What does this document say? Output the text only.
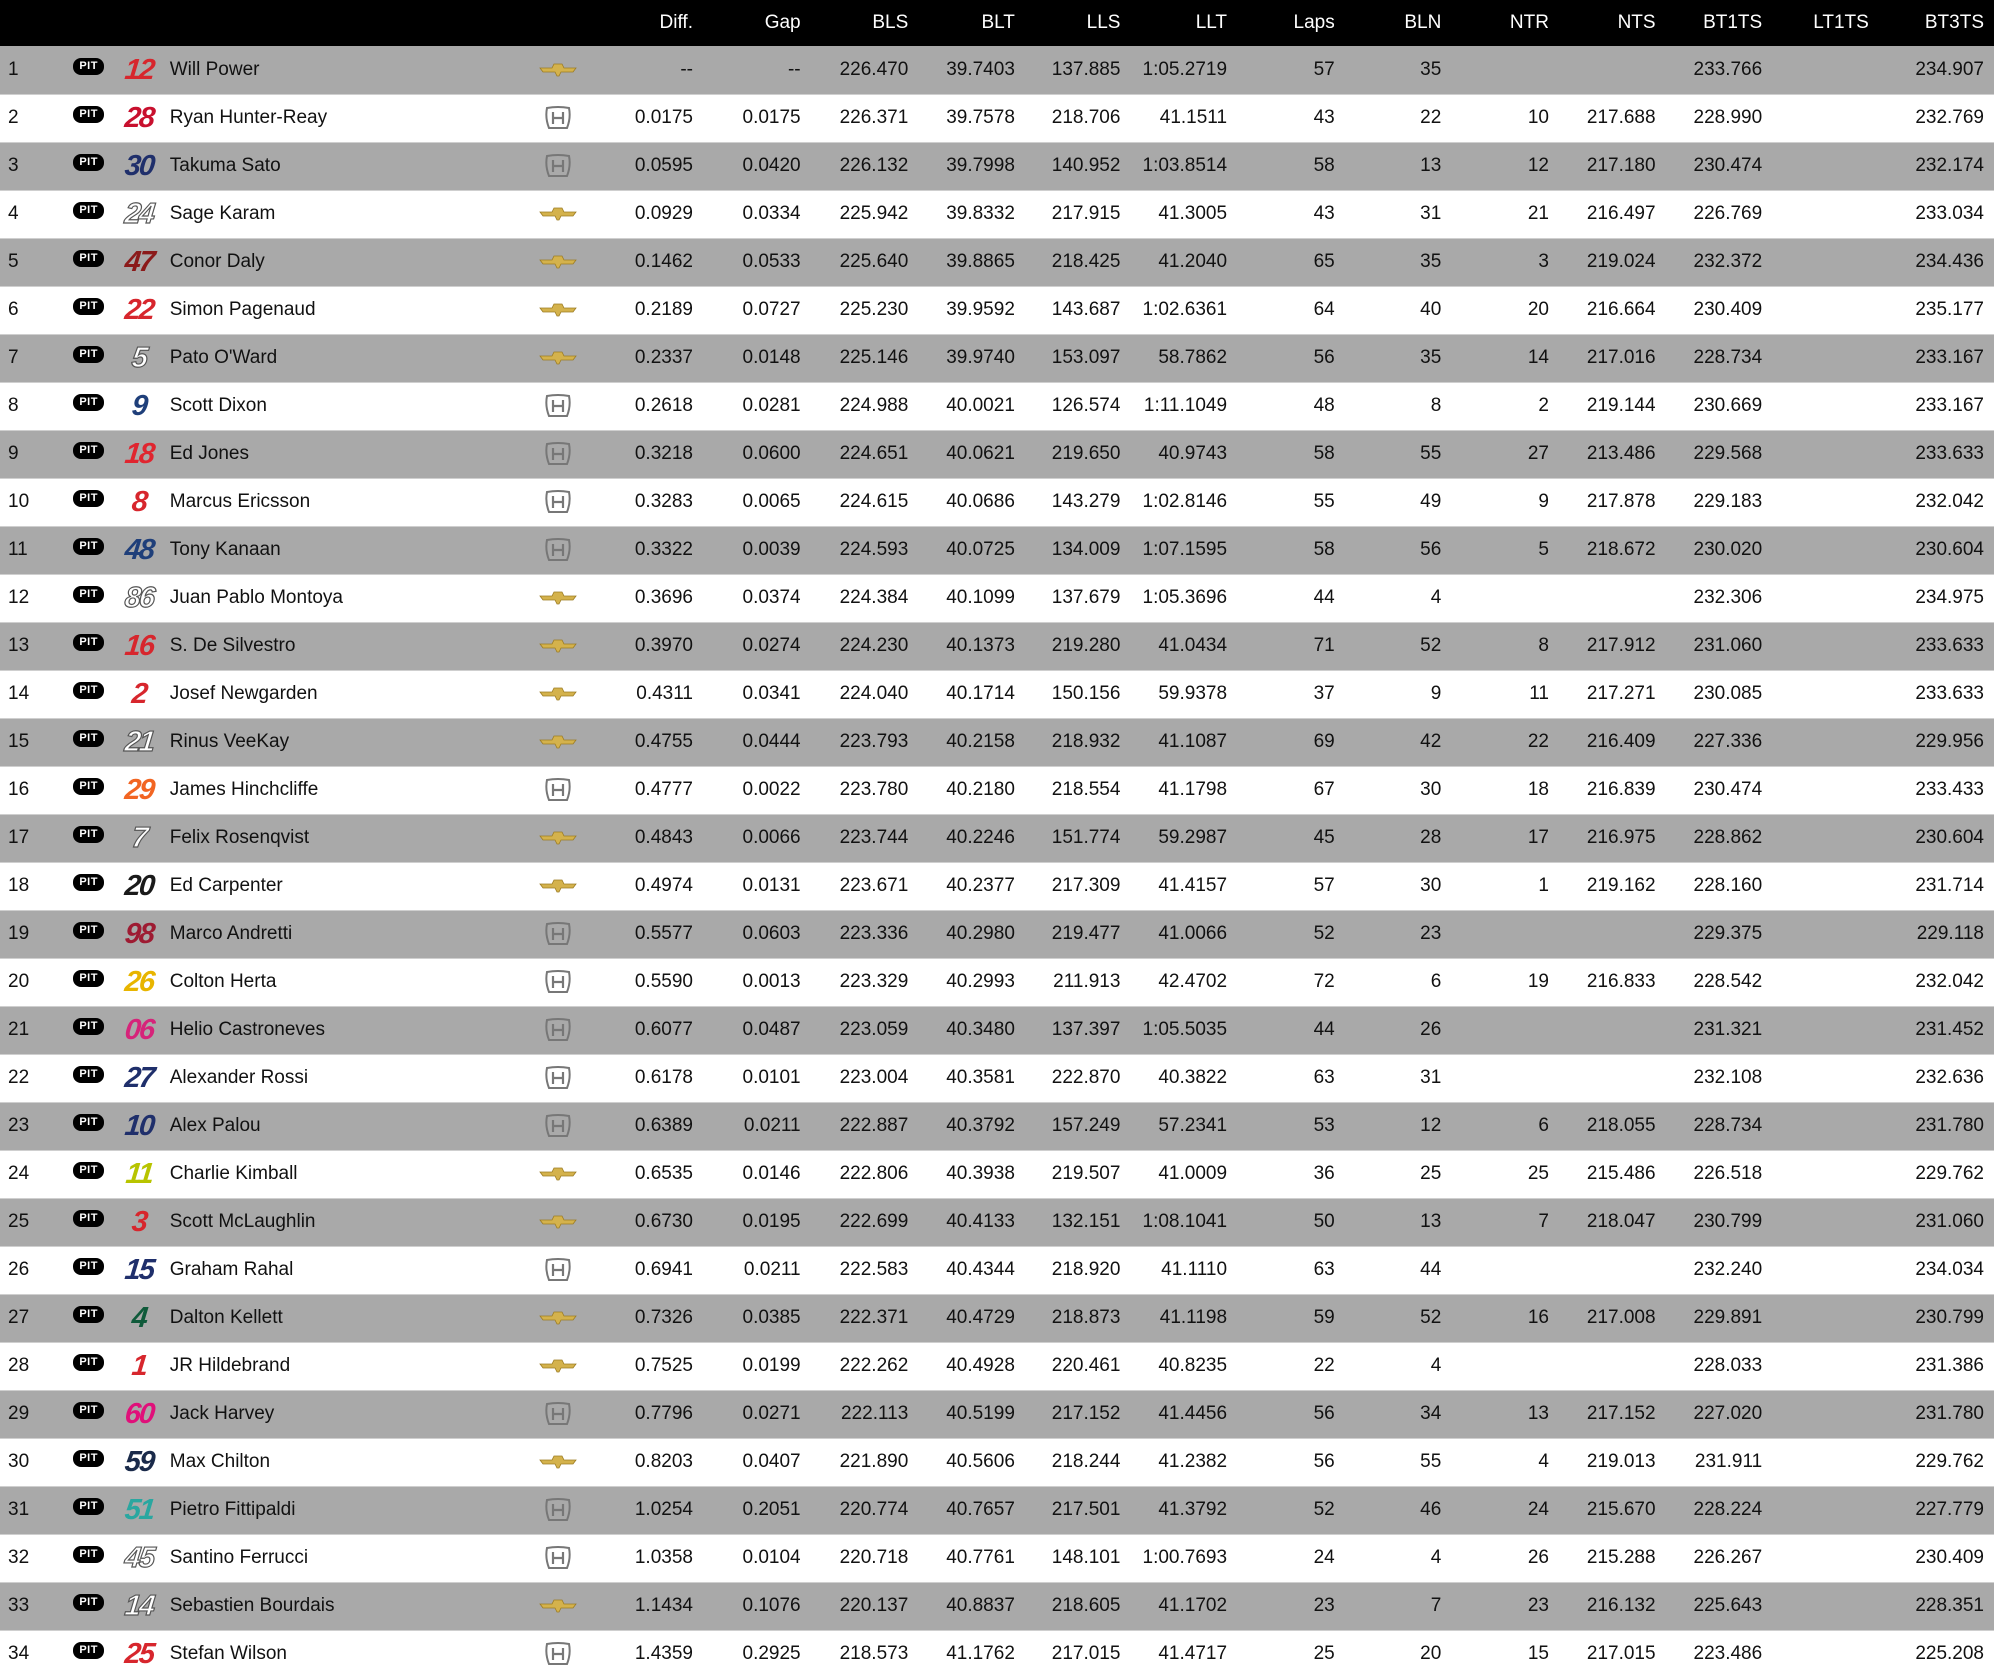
					Diff.	Gap	BLS	BLT	LLS	LLT	Laps	BLN	NTR	NTS	BT1TS	LT1TS	BT3TS
1	PIT	12	Will Power		--	--	226.470	39.7403	137.885	1:05.2719	57	35			233.766		234.907
2	PIT	28	Ryan Hunter-Reay		0.0175	0.0175	226.371	39.7578	218.706	41.1511	43	22	10	217.688	228.990		232.769
3	PIT	30	Takuma Sato		0.0595	0.0420	226.132	39.7998	140.952	1:03.8514	58	13	12	217.180	230.474		232.174
4	PIT	24	Sage Karam		0.0929	0.0334	225.942	39.8332	217.915	41.3005	43	31	21	216.497	226.769		233.034
5	PIT	47	Conor Daly		0.1462	0.0533	225.640	39.8865	218.425	41.2040	65	35	3	219.024	232.372		234.436
6	PIT	22	Simon Pagenaud		0.2189	0.0727	225.230	39.9592	143.687	1:02.6361	64	40	20	216.664	230.409		235.177
7	PIT	5	Pato O'Ward		0.2337	0.0148	225.146	39.9740	153.097	58.7862	56	35	14	217.016	228.734		233.167
8	PIT	9	Scott Dixon		0.2618	0.0281	224.988	40.0021	126.574	1:11.1049	48	8	2	219.144	230.669		233.167
9	PIT	18	Ed Jones		0.3218	0.0600	224.651	40.0621	219.650	40.9743	58	55	27	213.486	229.568		233.633
10	PIT	8	Marcus Ericsson		0.3283	0.0065	224.615	40.0686	143.279	1:02.8146	55	49	9	217.878	229.183		232.042
11	PIT	48	Tony Kanaan		0.3322	0.0039	224.593	40.0725	134.009	1:07.1595	58	56	5	218.672	230.020		230.604
12	PIT	86	Juan Pablo Montoya		0.3696	0.0374	224.384	40.1099	137.679	1:05.3696	44	4			232.306		234.975
13	PIT	16	S. De Silvestro		0.3970	0.0274	224.230	40.1373	219.280	41.0434	71	52	8	217.912	231.060		233.633
14	PIT	2	Josef Newgarden		0.4311	0.0341	224.040	40.1714	150.156	59.9378	37	9	11	217.271	230.085		233.633
15	PIT	21	Rinus VeeKay		0.4755	0.0444	223.793	40.2158	218.932	41.1087	69	42	22	216.409	227.336		229.956
16	PIT	29	James Hinchcliffe		0.4777	0.0022	223.780	40.2180	218.554	41.1798	67	30	18	216.839	230.474		233.433
17	PIT	7	Felix Rosenqvist		0.4843	0.0066	223.744	40.2246	151.774	59.2987	45	28	17	216.975	228.862		230.604
18	PIT	20	Ed Carpenter		0.4974	0.0131	223.671	40.2377	217.309	41.4157	57	30	1	219.162	228.160		231.714
19	PIT	98	Marco Andretti		0.5577	0.0603	223.336	40.2980	219.477	41.0066	52	23			229.375		229.118
20	PIT	26	Colton Herta		0.5590	0.0013	223.329	40.2993	211.913	42.4702	72	6	19	216.833	228.542		232.042
21	PIT	06	Helio Castroneves		0.6077	0.0487	223.059	40.3480	137.397	1:05.5035	44	26			231.321		231.452
22	PIT	27	Alexander Rossi		0.6178	0.0101	223.004	40.3581	222.870	40.3822	63	31			232.108		232.636
23	PIT	10	Alex Palou		0.6389	0.0211	222.887	40.3792	157.249	57.2341	53	12	6	218.055	228.734		231.780
24	PIT	11	Charlie Kimball		0.6535	0.0146	222.806	40.3938	219.507	41.0009	36	25	25	215.486	226.518		229.762
25	PIT	3	Scott McLaughlin		0.6730	0.0195	222.699	40.4133	132.151	1:08.1041	50	13	7	218.047	230.799		231.060
26	PIT	15	Graham Rahal		0.6941	0.0211	222.583	40.4344	218.920	41.1110	63	44			232.240		234.034
27	PIT	4	Dalton Kellett		0.7326	0.0385	222.371	40.4729	218.873	41.1198	59	52	16	217.008	229.891		230.799
28	PIT	1	JR Hildebrand		0.7525	0.0199	222.262	40.4928	220.461	40.8235	22	4			228.033		231.386
29	PIT	60	Jack Harvey		0.7796	0.0271	222.113	40.5199	217.152	41.4456	56	34	13	217.152	227.020		231.780
30	PIT	59	Max Chilton		0.8203	0.0407	221.890	40.5606	218.244	41.2382	56	55	4	219.013	231.911		229.762
31	PIT	51	Pietro Fittipaldi		1.0254	0.2051	220.774	40.7657	217.501	41.3792	52	46	24	215.670	228.224		227.779
32	PIT	45	Santino Ferrucci		1.0358	0.0104	220.718	40.7761	148.101	1:00.7693	24	4	26	215.288	226.267		230.409
33	PIT	14	Sebastien Bourdais		1.1434	0.1076	220.137	40.8837	218.605	41.1702	23	7	23	216.132	225.643		228.351
34	PIT	25	Stefan Wilson		1.4359	0.2925	218.573	41.1762	217.015	41.4717	25	20	15	217.015	223.486		225.208
